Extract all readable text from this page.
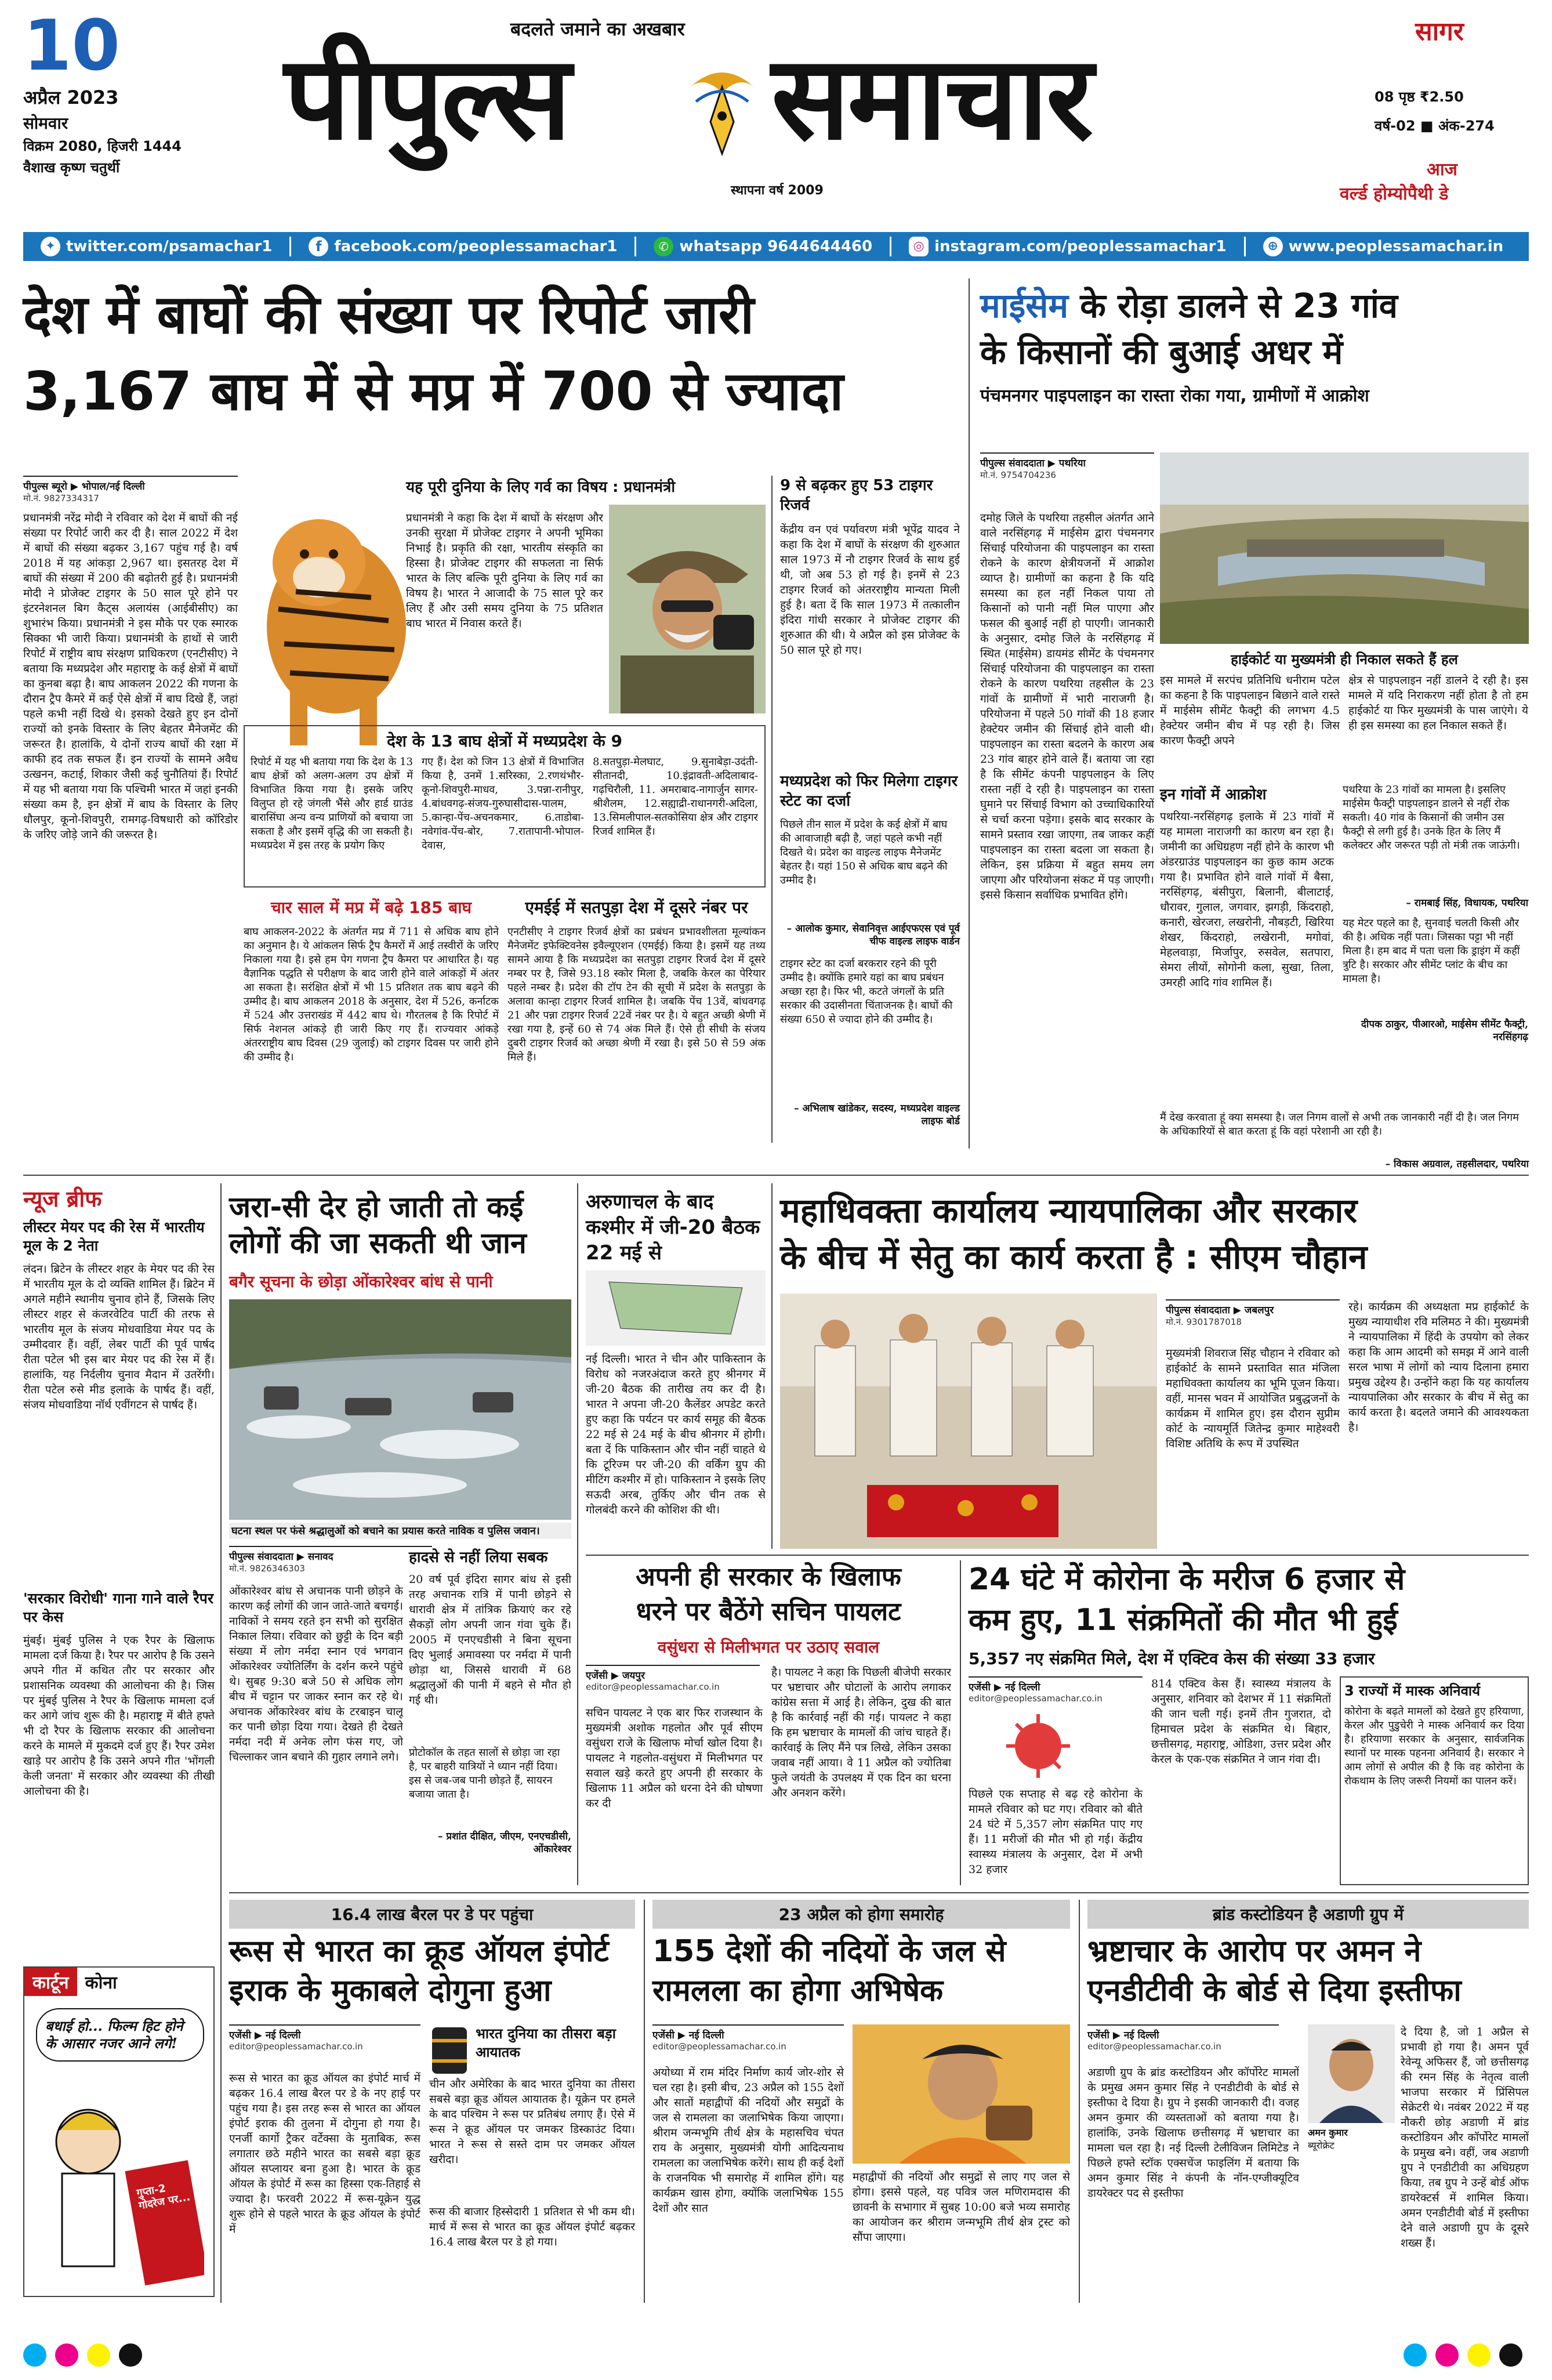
10
अप्रैल 2023
सोमवार
विक्रम 2080, हिजरी 1444
वैशाख कृष्ण चतुर्थी
बदलते जमाने का अखबार
पीपुल्स समाचार
स्थापना वर्ष 2009
सागर
08 पृष्ठ ₹2.50
वर्ष-02 ■ अंक-274
आज
वर्ल्ड होम्योपैथी डे
✦ twitter.com/psamachar1	f facebook.com/peoplessamachar1	✆ whatsapp 9644644460	◎ instagram.com/peoplessamachar1	⊕ www.peoplessamachar.in
देश में बाघों की संख्या पर रिपोर्ट जारी
3,167 बाघ में से मप्र में 700 से ज्यादा
पीपुल्स ब्यूरो ▶ भोपाल/नई दिल्ली
मो.नं. 9827334317
प्रधानमंत्री नरेंद्र मोदी ने रविवार को देश में बाघों की नई संख्या पर रिपोर्ट जारी कर दी है। साल 2022 में देश में बाघों की संख्या बढ़कर 3,167 पहुंच गई है। वर्ष 2018 में यह आंकड़ा 2,967 था। इसतरह देश में बाघों की संख्या में 200 की बढ़ोतरी हुई है। प्रधानमंत्री मोदी ने प्रोजेक्ट टाइगर के 50 साल पूरे होने पर इंटरनेशनल बिग कैट्स अलायंस (आईबीसीए) का शुभारंभ किया। प्रधानमंत्री ने इस मौके पर एक स्मारक सिक्का भी जारी किया। प्रधानमंत्री के हाथों से जारी रिपोर्ट में राष्ट्रीय बाघ संरक्षण प्राधिकरण (एनटीसीए) ने बताया कि मध्यप्रदेश और महाराष्ट्र के कई क्षेत्रों में बाघों का कुनबा बढ़ा है। बाघ आकलन 2022 की गणना के दौरान ट्रैप कैमरे में कई ऐसे क्षेत्रों में बाघ दिखे हैं, जहां पहले कभी नहीं दिखे थे। इसको देखते हुए इन दोनों राज्यों को इनके विस्तार के लिए बेहतर मैनेजमेंट की जरूरत है। हालांकि, ये दोनों राज्य बाघों की रक्षा में काफी हद तक सफल हैं। इन राज्यों के सामने अवैध उत्खनन, कटाई, शिकार जैसी कई चुनौतियां हैं। रिपोर्ट में यह भी बताया गया कि पश्चिमी भारत में जहां इनकी संख्या कम है, इन क्षेत्रों में बाघ के विस्तार के लिए धौलपुर, कूनो-शिवपुरी, रामगढ़-विषधारी को कॉरिडोर के जरिए जोड़े जाने की जरूरत है।
यह पूरी दुनिया के लिए गर्व का विषय : प्रधानमंत्री
प्रधानमंत्री ने कहा कि देश में बाघों के संरक्षण और उनकी सुरक्षा में प्रोजेक्ट टाइगर ने अपनी भूमिका निभाई है। प्रकृति की रक्षा, भारतीय संस्कृति का हिस्सा है। प्रोजेक्ट टाइगर की सफलता ना सिर्फ भारत के लिए बल्कि पूरी दुनिया के लिए गर्व का विषय है। भारत ने आजादी के 75 साल पूरे कर लिए हैं और उसी समय दुनिया के 75 प्रतिशत बाघ भारत में निवास करते हैं।
9 से बढ़कर हुए 53 टाइगर रिजर्व
केंद्रीय वन एवं पर्यावरण मंत्री भूपेंद्र यादव ने कहा कि देश में बाघों के संरक्षण की शुरुआत साल 1973 में नौ टाइगर रिजर्व के साथ हुई थी, जो अब 53 हो गई है। इनमें से 23 टाइगर रिजर्व को अंतरराष्ट्रीय मान्यता मिली हुई है। बता दें कि साल 1973 में तत्कालीन इंदिरा गांधी सरकार ने प्रोजेक्ट टाइगर की शुरुआत की थी। ये अप्रैल को इस प्रोजेक्ट के 50 साल पूरे हो गए।
मध्यप्रदेश को फिर मिलेगा टाइगर स्टेट का दर्जा
पिछले तीन साल में प्रदेश के कई क्षेत्रों में बाघ की आवाजाही बढ़ी है, जहां पहले कभी नहीं दिखते थे। प्रदेश का वाइल्ड लाइफ मैनेजमेंट बेहतर है। यहां 150 से अधिक बाघ बढ़ने की उम्मीद है।
– आलोक कुमार, सेवानिवृत्त आईएफएस एवं पूर्व चीफ वाइल्ड लाइफ वार्डन
टाइगर स्टेट का दर्जा बरकरार रहने की पूरी उम्मीद है। क्योंकि हमारे यहां का बाघ प्रबंधन अच्छा रहा है। फिर भी, कटते जंगलों के प्रति सरकार की उदासीनता चिंताजनक है। बाघों की संख्या 650 से ज्यादा होने की उम्मीद है।
– अभिलाष खांडेकर, सदस्य, मध्यप्रदेश वाइल्ड लाइफ बोर्ड
देश के 13 बाघ क्षेत्रों में मध्यप्रदेश के 9
रिपोर्ट में यह भी बताया गया कि देश के 13 बाघ क्षेत्रों को अलग-अलग उप क्षेत्रों में विभाजित किया गया है। इसके जरिए विलुप्त हो रहे जंगली भैंसे और हार्ड ग्राउंड बारासिंघा अन्य वन्य प्राणियों को बचाया जा सकता है और इसमें वृद्धि की जा सकती है। मध्यप्रदेश में इस तरह के प्रयोग किए
गए हैं। देश को जिन 13 क्षेत्रों में विभाजित किया है, उनमें 1.सरिस्का, 2.रणथंभौर-कूनो-शिवपुरी-माधव, 3.पन्ना-रानीपुर, 4.बांधवगढ़-संजय-गुरुघासीदास-पालम, 5.कान्हा-पेंच-अचनकमार, 6.ताडोबा-नवेगांव-पेंच-बोर, 7.रातापानी-भोपाल-देवास,
8.सतपुड़ा-मेलघाट, 9.सुनाबेड़ा-उदंती-सीतानदी, 10.इंद्रावती-अदिलाबाद-गढ़चिरौली, 11. अमराबाद-नागार्जुन सागर-श्रीशैलम, 12.सह्याद्री-राधानगरी-अदिला, 13.सिमलीपाल-सतकोसिया क्षेत्र और टाइगर रिजर्व शामिल हैं।
चार साल में मप्र में बढ़े 185 बाघ
बाघ आकलन-2022 के अंतर्गत मप्र में 711 से अधिक बाघ होने का अनुमान है। ये आंकलन सिर्फ ट्रैप कैमरों में आई तस्वीरों के जरिए निकाला गया है। इसे हम पेग गणना ट्रैप कैमरा पर आधारित है। यह वैज्ञानिक पद्धति से परीक्षण के बाद जारी होने वाले आंकड़ों में अंतर आ सकता है। सरंक्षित क्षेत्रों में भी 15 प्रतिशत तक बाघ बढ़ने की उम्मीद है। बाघ आकलन 2018 के अनुसार, देश में 526, कर्नाटक में 524 और उत्तराखंड में 442 बाघ थे। गौरतलब है कि रिपोर्ट में सिर्फ नेशनल आंकड़े ही जारी किए गए हैं। राज्यवार आंकड़े अंतरराष्ट्रीय बाघ दिवस (29 जुलाई) को टाइगर दिवस पर जारी होने की उम्मीद है।
एमईई में सतपुड़ा देश में दूसरे नंबर पर
एनटीसीए ने टाइगर रिजर्व क्षेत्रों का प्रबंधन प्रभावशीलता मूल्यांकन मैनेजमेंट इफेक्टिवनेस इवैल्यूएशन (एमईई) किया है। इसमें यह तथ्य सामने आया है कि मध्यप्रदेश का सतपुड़ा टाइगर रिजर्व देश में दूसरे नम्बर पर है, जिसे 93.18 स्कोर मिला है, जबकि केरल का पेरियार पहले नम्बर है। प्रदेश की टॉप टेन की सूची में प्रदेश के सतपुड़ा के अलावा कान्हा टाइगर रिजर्व शामिल है। जबकि पेंच 13वें, बांधवगढ़ 21 और पन्ना टाइगर रिजर्व 22वें नंबर पर है। ये बहुत अच्छी श्रेणी में रखा गया है, इन्हें 60 से 74 अंक मिले हैं। ऐसे ही सीधी के संजय दुबरी टाइगर रिजर्व को अच्छा श्रेणी में रखा है। इसे 50 से 59 अंक मिले हैं।
माईसेम के रोड़ा डालने से 23 गांव
के किसानों की बुआई अधर में
पंचमनगर पाइपलाइन का रास्ता रोका गया, ग्रामीणों में आक्रोश
पीपुल्स संवाददाता ▶ पथरिया
मो.नं. 9754704236
दमोह जिले के पथरिया तहसील अंतर्गत आने वाले नरसिंहगढ़ में माईसेम द्वारा पंचमनगर सिंचाई परियोजना की पाइपलाइन का रास्ता रोकने के कारण क्षेत्रीयजनों में आक्रोश व्याप्त है। ग्रामीणों का कहना है कि यदि समस्या का हल नहीं निकल पाया तो किसानों को पानी नहीं मिल पाएगा और फसल की बुआई नहीं हो पाएगी। जानकारी के अनुसार, दमोह जिले के नरसिंहगढ़ में स्थित (माईसेम) डायमंड सीमेंट के पंचमनगर सिंचाई परियोजना की पाइपलाइन का रास्ता रोकने के कारण पथरिया तहसील के 23 गांवों के ग्रामीणों में भारी नाराजगी है। परियोजना में पहले 50 गांवों की 18 हजार हेक्टेयर जमीन की सिंचाई होने वाली थी। पाइपलाइन का रास्ता बदलने के कारण अब 23 गांव बाहर होने वाले हैं। बताया जा रहा है कि सीमेंट कंपनी पाइपलाइन के लिए रास्ता नहीं दे रही है। पाइपलाइन का रास्ता घुमाने पर सिंचाई विभाग को उच्चाधिकारियों से चर्चा करना पड़ेगा। इसके बाद सरकार के सामने प्रस्ताव रखा जाएगा, तब जाकर कहीं पाइपलाइन का रास्ता बदला जा सकता है। लेकिन, इस प्रक्रिया में बहुत समय लग जाएगा और परियोजना संकट में पड़ जाएगी। इससे किसान सर्वाधिक प्रभावित होंगे।
हाईकोर्ट या मुख्यमंत्री ही निकाल सकते हैं हल
इस मामले में सरपंच प्रतिनिधि धनीराम पटेल का कहना है कि पाइपलाइन बिछाने वाले रास्ते में माईसेम सीमेंट फैक्ट्री की लगभग 4.5 हेक्टेयर जमीन बीच में पड़ रही है। जिस कारण फैक्ट्री अपने
क्षेत्र से पाइपलाइन नहीं डालने दे रही है। इस मामले में यदि निराकरण नहीं होता है तो हम हाईकोर्ट या फिर मुख्यमंत्री के पास जाएंगे। ये ही इस समस्या का हल निकाल सकते हैं।
इन गांवों में आक्रोश
पथरिया-नरसिंहगढ़ इलाके में 23 गांवों में यह मामला नाराजगी का कारण बन रहा है। जमीनी का अधिग्रहण नहीं होने के कारण भी अंडरग्राउंड पाइपलाइन का कुछ काम अटक गया है। प्रभावित होने वाले गांवों में बैसा, नरसिंहगढ़, बंसीपुरा, बिलानी, बीलाटाई, धौरावर, गुलाल, जगवार, झगड़ी, किंदराहो, कनारी, खेरजरा, लखरोनी, नौबड़टी, खिरिया शेखर, किंदराहो, लखेरानी, मगोवां, मेहलवाड़ा, मिर्जापुर, रुसवेल, सतपारा, सेमरा लीयों, सोगोनी कला, सुखा, तिला, उमरही आदि गांव शामिल हैं।
पथरिया के 23 गांवों का मामला है। इसलिए माईसेम फैक्ट्री पाइपलाइन डालने से नहीं रोक सकती। 40 गांव के किसानों की जमीन उस फैक्ट्री से लगी हुई है। उनके हित के लिए मैं कलेक्टर और जरूरत पड़ी तो मंत्री तक जाऊंगी।
– रामबाई सिंह, विधायक, पथरिया
यह मेटर पहले का है, सुनवाई चलती किसी और की है। अधिक नहीं पता। जिसका पट्टा भी नहीं मिला है। हम बाद में पता चला कि ड्राइंग में कहीं त्रुटि है। सरकार और सीमेंट प्लांट के बीच का मामला है।
दीपक ठाकुर, पीआरओ, माईसेम सीमेंट फैक्ट्री, नरसिंहगढ़
मैं देख करवाता हूं क्या समस्या है। जल निगम वालों से अभी तक जानकारी नहीं दी है। जल निगम के अधिकारियों से बात करता हूं कि वहां परेशानी आ रही है।
– विकास अग्रवाल, तहसीलदार, पथरिया
न्यूज ब्रीफ
लीस्टर मेयर पद की रेस में भारतीय मूल के 2 नेता
लंदन। ब्रिटेन के लीस्टर शहर के मेयर पद की रेस में भारतीय मूल के दो व्यक्ति शामिल हैं। ब्रिटेन में अगले महीने स्थानीय चुनाव होने हैं, जिसके लिए लीस्टर शहर से कंजरवेटिव पार्टी की तरफ से भारतीय मूल के संजय मोधवाडिया मेयर पद के उम्मीदवार हैं। वहीं, लेबर पार्टी की पूर्व पार्षद रीता पटेल भी इस बार मेयर पद की रेस में हैं। हालांकि, यह निर्दलीय चुनाव मैदान में उतरेंगी। रीता पटेल रुसे मीड इलाके के पार्षद हैं। वहीं, संजय मोधवाडिया नॉर्थ एवींगटन से पार्षद हैं।
'सरकार विरोधी' गाना गाने वाले रैपर पर केस
मुंबई। मुंबई पुलिस ने एक रैपर के खिलाफ मामला दर्ज किया है। रैपर पर आरोप है कि उसने अपने गीत में कथित तौर पर सरकार और प्रशासनिक व्यवस्था की आलोचना की है। जिस पर मुंबई पुलिस ने रैपर के खिलाफ मामला दर्ज कर आगे जांच शुरू की है। महाराष्ट्र में बीते हफ्ते भी दो रैपर के खिलाफ सरकार की आलोचना करने के मामले में मुकदमे दर्ज हुए हैं। रैपर उमेश खाड़े पर आरोप है कि उसने अपने गीत 'भोंगली केली जनता' में सरकार और व्यवस्था की तीखी आलोचना की है।
कार्टून कोना
बधाई हो... फिल्म हिट होने के आसार नजर आने लगे!
गुप्ता-2 गोदरेज पर...
जरा-सी देर हो जाती तो कई लोगों की जा सकती थी जान
बगैर सूचना के छोड़ा ओंकारेश्वर बांध से पानी
घटना स्थल पर फंसे श्रद्धालुओं को बचाने का प्रयास करते नाविक व पुलिस जवान।
पीपुल्स संवाददाता ▶ सनावद
मो.नं. 9826346303
ओंकारेश्वर बांध से अचानक पानी छोड़ने के कारण कई लोगों की जान जाते-जाते बचगई। नाविकों ने समय रहते इन सभी को सुरक्षित निकाल लिया। रविवार को छुट्टी के दिन बड़ी संख्या में लोग नर्मदा स्नान एवं भगवान ओंकारेश्वर ज्योतिर्लिंग के दर्शन करने पहुंचे थे। सुबह 9:30 बजे 50 से अधिक लोग बीच में चट्टान पर जाकर स्नान कर रहे थे। अचानक ओंकारेश्वर बांध के टरबाइन चालू कर पानी छोड़ा दिया गया। देखते ही देखते नर्मदा नदी में अनेक लोग फंस गए, जो चिल्लाकर जान बचाने की गुहार लगाने लगे।
हादसे से नहीं लिया सबक
20 वर्ष पूर्व इंदिरा सागर बांध से इसी तरह अचानक रात्रि में पानी छोड़ने से धारावी क्षेत्र में तांत्रिक क्रियाएं कर रहे सैकड़ों लोग अपनी जान गंवा चुके हैं। 2005 में एनएचडीसी ने बिना सूचना दिए भुलाई अमावस्या पर नर्मदा में पानी छोड़ा था, जिससे धारावी में 68 श्रद्धालुओं की पानी में बहने से मौत हो गई थी।
प्रोटोकॉल के तहत सालों से छोड़ा जा रहा है, पर बाहरी यात्रियों ने ध्यान नहीं दिया। इस से जब-जब पानी छोड़ते हैं, सायरन बजाया जाता है।
– प्रशांत दीक्षित, जीएम, एनएचडीसी, ओंकारेश्वर
अरुणाचल के बाद कश्मीर में जी-20 बैठक 22 मई से
नई दिल्ली। भारत ने चीन और पाकिस्तान के विरोध को नजरअंदाज करते हुए श्रीनगर में जी-20 बैठक की तारीख तय कर दी है। भारत ने अपना जी-20 कैलेंडर अपडेट करते हुए कहा कि पर्यटन पर कार्य समूह की बैठक 22 मई से 24 मई के बीच श्रीनगर में होगी। बता दें कि पाकिस्तान और चीन नहीं चाहते थे कि टूरिज्म पर जी-20 की वर्किंग ग्रुप की मीटिंग कश्मीर में हो। पाकिस्तान ने इसके लिए सऊदी अरब, तुर्किए और चीन तक से गोलबंदी करने की कोशिश की थी।
महाधिवक्ता कार्यालय न्यायपालिका और सरकार
के बीच में सेतु का कार्य करता है : सीएम चौहान
पीपुल्स संवाददाता ▶ जबलपुर
मो.नं. 9301787018
मुख्यमंत्री शिवराज सिंह चौहान ने रविवार को हाईकोर्ट के सामने प्रस्तावित सात मंजिला महाधिवक्ता कार्यालय का भूमि पूजन किया। वहीं, मानस भवन में आयोजित प्रबुद्धजनों के कार्यक्रम में शामिल हुए। इस दौरान सुप्रीम कोर्ट के न्यायमूर्ति जितेन्द्र कुमार माहेश्वरी विशिष्ट अतिथि के रूप में उपस्थित
रहे। कार्यक्रम की अध्यक्षता मप्र हाईकोर्ट के मुख्य न्यायाधीश रवि मलिमठ ने की। मुख्यमंत्री ने न्यायपालिका में हिंदी के उपयोग को लेकर कहा कि आम आदमी को समझ में आने वाली सरल भाषा में लोगों को न्याय दिलाना हमारा प्रमुख उद्देश्य है। उन्होंने कहा कि यह कार्यालय न्यायपालिका और सरकार के बीच में सेतु का कार्य करता है। बदलते जमाने की आवश्यकता है।
अपनी ही सरकार के खिलाफ
धरने पर बैठेंगे सचिन पायलट
वसुंधरा से मिलीभगत पर उठाए सवाल
एजेंसी ▶ जयपुर
editor@peoplessamachar.co.in
सचिन पायलट ने एक बार फिर राजस्थान के मुख्यमंत्री अशोक गहलोत और पूर्व सीएम वसुंधरा राजे के खिलाफ मोर्चा खोल दिया है। पायलट ने गहलोत-वसुंधरा में मिलीभगत पर सवाल खड़े करते हुए अपनी ही सरकार के खिलाफ 11 अप्रैल को धरना देने की घोषणा कर दी
है। पायलट ने कहा कि पिछली बीजेपी सरकार पर भ्रष्टाचार और घोटालों के आरोप लगाकर कांग्रेस सत्ता में आई है। लेकिन, दुख की बात है कि कार्रवाई नहीं की गई। पायलट ने कहा कि हम भ्रष्टाचार के मामलों की जांच चाहते हैं। कार्रवाई के लिए मैंने पत्र लिखे, लेकिन उसका जवाब नहीं आया। वे 11 अप्रैल को ज्योतिबा फुले जयंती के उपलक्ष्य में एक दिन का धरना और अनशन करेंगे।
24 घंटे में कोरोना के मरीज 6 हजार से
कम हुए, 11 संक्रमितों की मौत भी हुई
5,357 नए संक्रमित मिले, देश में एक्टिव केस की संख्या 33 हजार
एजेंसी ▶ नई दिल्ली
editor@peoplessamachar.co.in
पिछले एक सप्ताह से बढ़ रहे कोरोना के मामले रविवार को घट गए। रविवार को बीते 24 घंटे में 5,357 लोग संक्रमित पाए गए हैं। 11 मरीजों की मौत भी हो गई। केंद्रीय स्वास्थ्य मंत्रालय के अनुसार, देश में अभी 32 हजार
814 एक्टिव केस हैं। स्वास्थ्य मंत्रालय के अनुसार, शनिवार को देशभर में 11 संक्रमितों की जान चली गई। इनमें तीन गुजरात, दो हिमाचल प्रदेश के संक्रमित थे। बिहार, छत्तीसगढ़, महाराष्ट्र, ओडिशा, उत्तर प्रदेश और केरल के एक-एक संक्रमित ने जान गंवा दी।
3 राज्यों में मास्क अनिवार्य
कोरोना के बढ़ते मामलों को देखते हुए हरियाणा, केरल और पुडुचेरी ने मास्क अनिवार्य कर दिया है। हरियाणा सरकार के अनुसार, सार्वजनिक स्थानों पर मास्क पहनना अनिवार्य है। सरकार ने आम लोगों से अपील की है कि वह कोरोना के रोकथाम के लिए जरूरी नियमों का पालन करें।
16.4 लाख बैरल पर डे पर पहुंचा
रूस से भारत का क्रूड ऑयल इंपोर्ट इराक के मुकाबले दोगुना हुआ
एजेंसी ▶ नई दिल्ली
editor@peoplessamachar.co.in
भारत दुनिया का तीसरा बड़ा आयातक
रूस से भारत का क्रूड ऑयल का इंपोर्ट मार्च में बढ़कर 16.4 लाख बैरल पर डे के नए हाई पर पहुंच गया है। इस तरह रूस से भारत का ऑयल इंपोर्ट इराक की तुलना में दोगुना हो गया है। एनर्जी कार्गो ट्रैकर वर्टेक्सा के मुताबिक, रूस लगातार छठे महीने भारत का सबसे बड़ा क्रूड ऑयल सप्लायर बना हुआ है। भारत के क्रूड ऑयल के इंपोर्ट में रूस का हिस्सा एक-तिहाई से ज्यादा है। फरवरी 2022 में रूस-यूक्रेन युद्ध शुरू होने से पहले भारत के क्रूड ऑयल के इंपोर्ट में
चीन और अमेरिका के बाद भारत दुनिया का तीसरा सबसे बड़ा क्रूड ऑयल आयातक है। यूक्रेन पर हमले के बाद पश्चिम ने रूस पर प्रतिबंध लगाए हैं। ऐसे में रूस ने क्रूड ऑयल पर जमकर डिस्काउंट दिया। भारत ने रूस से सस्ते दाम पर जमकर ऑयल खरीदा।
रूस की बाजार हिस्सेदारी 1 प्रतिशत से भी कम थी। मार्च में रूस से भारत का क्रूड ऑयल इंपोर्ट बढ़कर 16.4 लाख बैरल पर डे हो गया।
23 अप्रैल को होगा समारोह
155 देशों की नदियों के जल से रामलला का होगा अभिषेक
एजेंसी ▶ नई दिल्ली
editor@peoplessamachar.co.in
अयोध्या में राम मंदिर निर्माण कार्य जोर-शोर से चल रहा है। इसी बीच, 23 अप्रैल को 155 देशों और सातों महाद्वीपों की नदियों और समुद्रों के जल से रामलला का जलाभिषेक किया जाएगा। श्रीराम जन्मभूमि तीर्थ क्षेत्र के महासचिव चंपत राय के अनुसार, मुख्यमंत्री योगी आदित्यनाथ रामलला का जलाभिषेक करेंगे। साथ ही कई देशों के राजनयिक भी समारोह में शामिल होंगे। यह कार्यक्रम खास होगा, क्योंकि जलाभिषेक 155 देशों और सात
महाद्वीपों की नदियों और समुद्रों से लाए गए जल से होगा। इससे पहले, यह पवित्र जल मणिरामदास की छावनी के सभागार में सुबह 10:00 बजे भव्य समारोह का आयोजन कर श्रीराम जन्मभूमि तीर्थ क्षेत्र ट्रस्ट को सौंपा जाएगा।
ब्रांड कस्टोडियन है अडाणी ग्रुप में
भ्रष्टाचार के आरोप पर अमन ने एनडीटीवी के बोर्ड से दिया इस्तीफा
एजेंसी ▶ नई दिल्ली
editor@peoplessamachar.co.in
अडाणी ग्रुप के ब्रांड कस्टोडियन और कॉर्पोरेट मामलों के प्रमुख अमन कुमार सिंह ने एनडीटीवी के बोर्ड से इस्तीफा दे दिया है। ग्रुप ने इसकी जानकारी दी। वजह अमन कुमार की व्यस्तताओं को बताया गया है। हालांकि, उनके खिलाफ छत्तीसगढ़ में भ्रष्टाचार का मामला चल रहा है। नई दिल्ली टेलीविजन लिमिटेड ने पिछले हफ्ते स्टॉक एक्सचेंज फाइलिंग में बताया कि अमन कुमार सिंह ने कंपनी के नॉन-एग्जीक्यूटिव डायरेक्टर पद से इस्तीफा
अमन कुमार
ब्यूरोक्रेट
दे दिया है, जो 1 अप्रैल से प्रभावी हो गया है। अमन पूर्व रेवेन्यू अफिसर हैं, जो छत्तीसगढ़ की रमन सिंह के नेतृत्व वाली भाजपा सरकार में प्रिंसिपल सेक्रेटरी थे। नवंबर 2022 में यह नौकरी छोड़ अडाणी में ब्रांड कस्टोडियन और कॉर्पोरेट मामलों के प्रमुख बने। वहीं, जब अडाणी ग्रुप ने एनडीटीवी का अधिग्रहण किया, तब ग्रुप ने उन्हें बोर्ड ऑफ डायरेक्टर्स में शामिल किया। अमन एनडीटीवी बोर्ड में इस्तीफा देने वाले अडाणी ग्रुप के दूसरे शख्स हैं।
